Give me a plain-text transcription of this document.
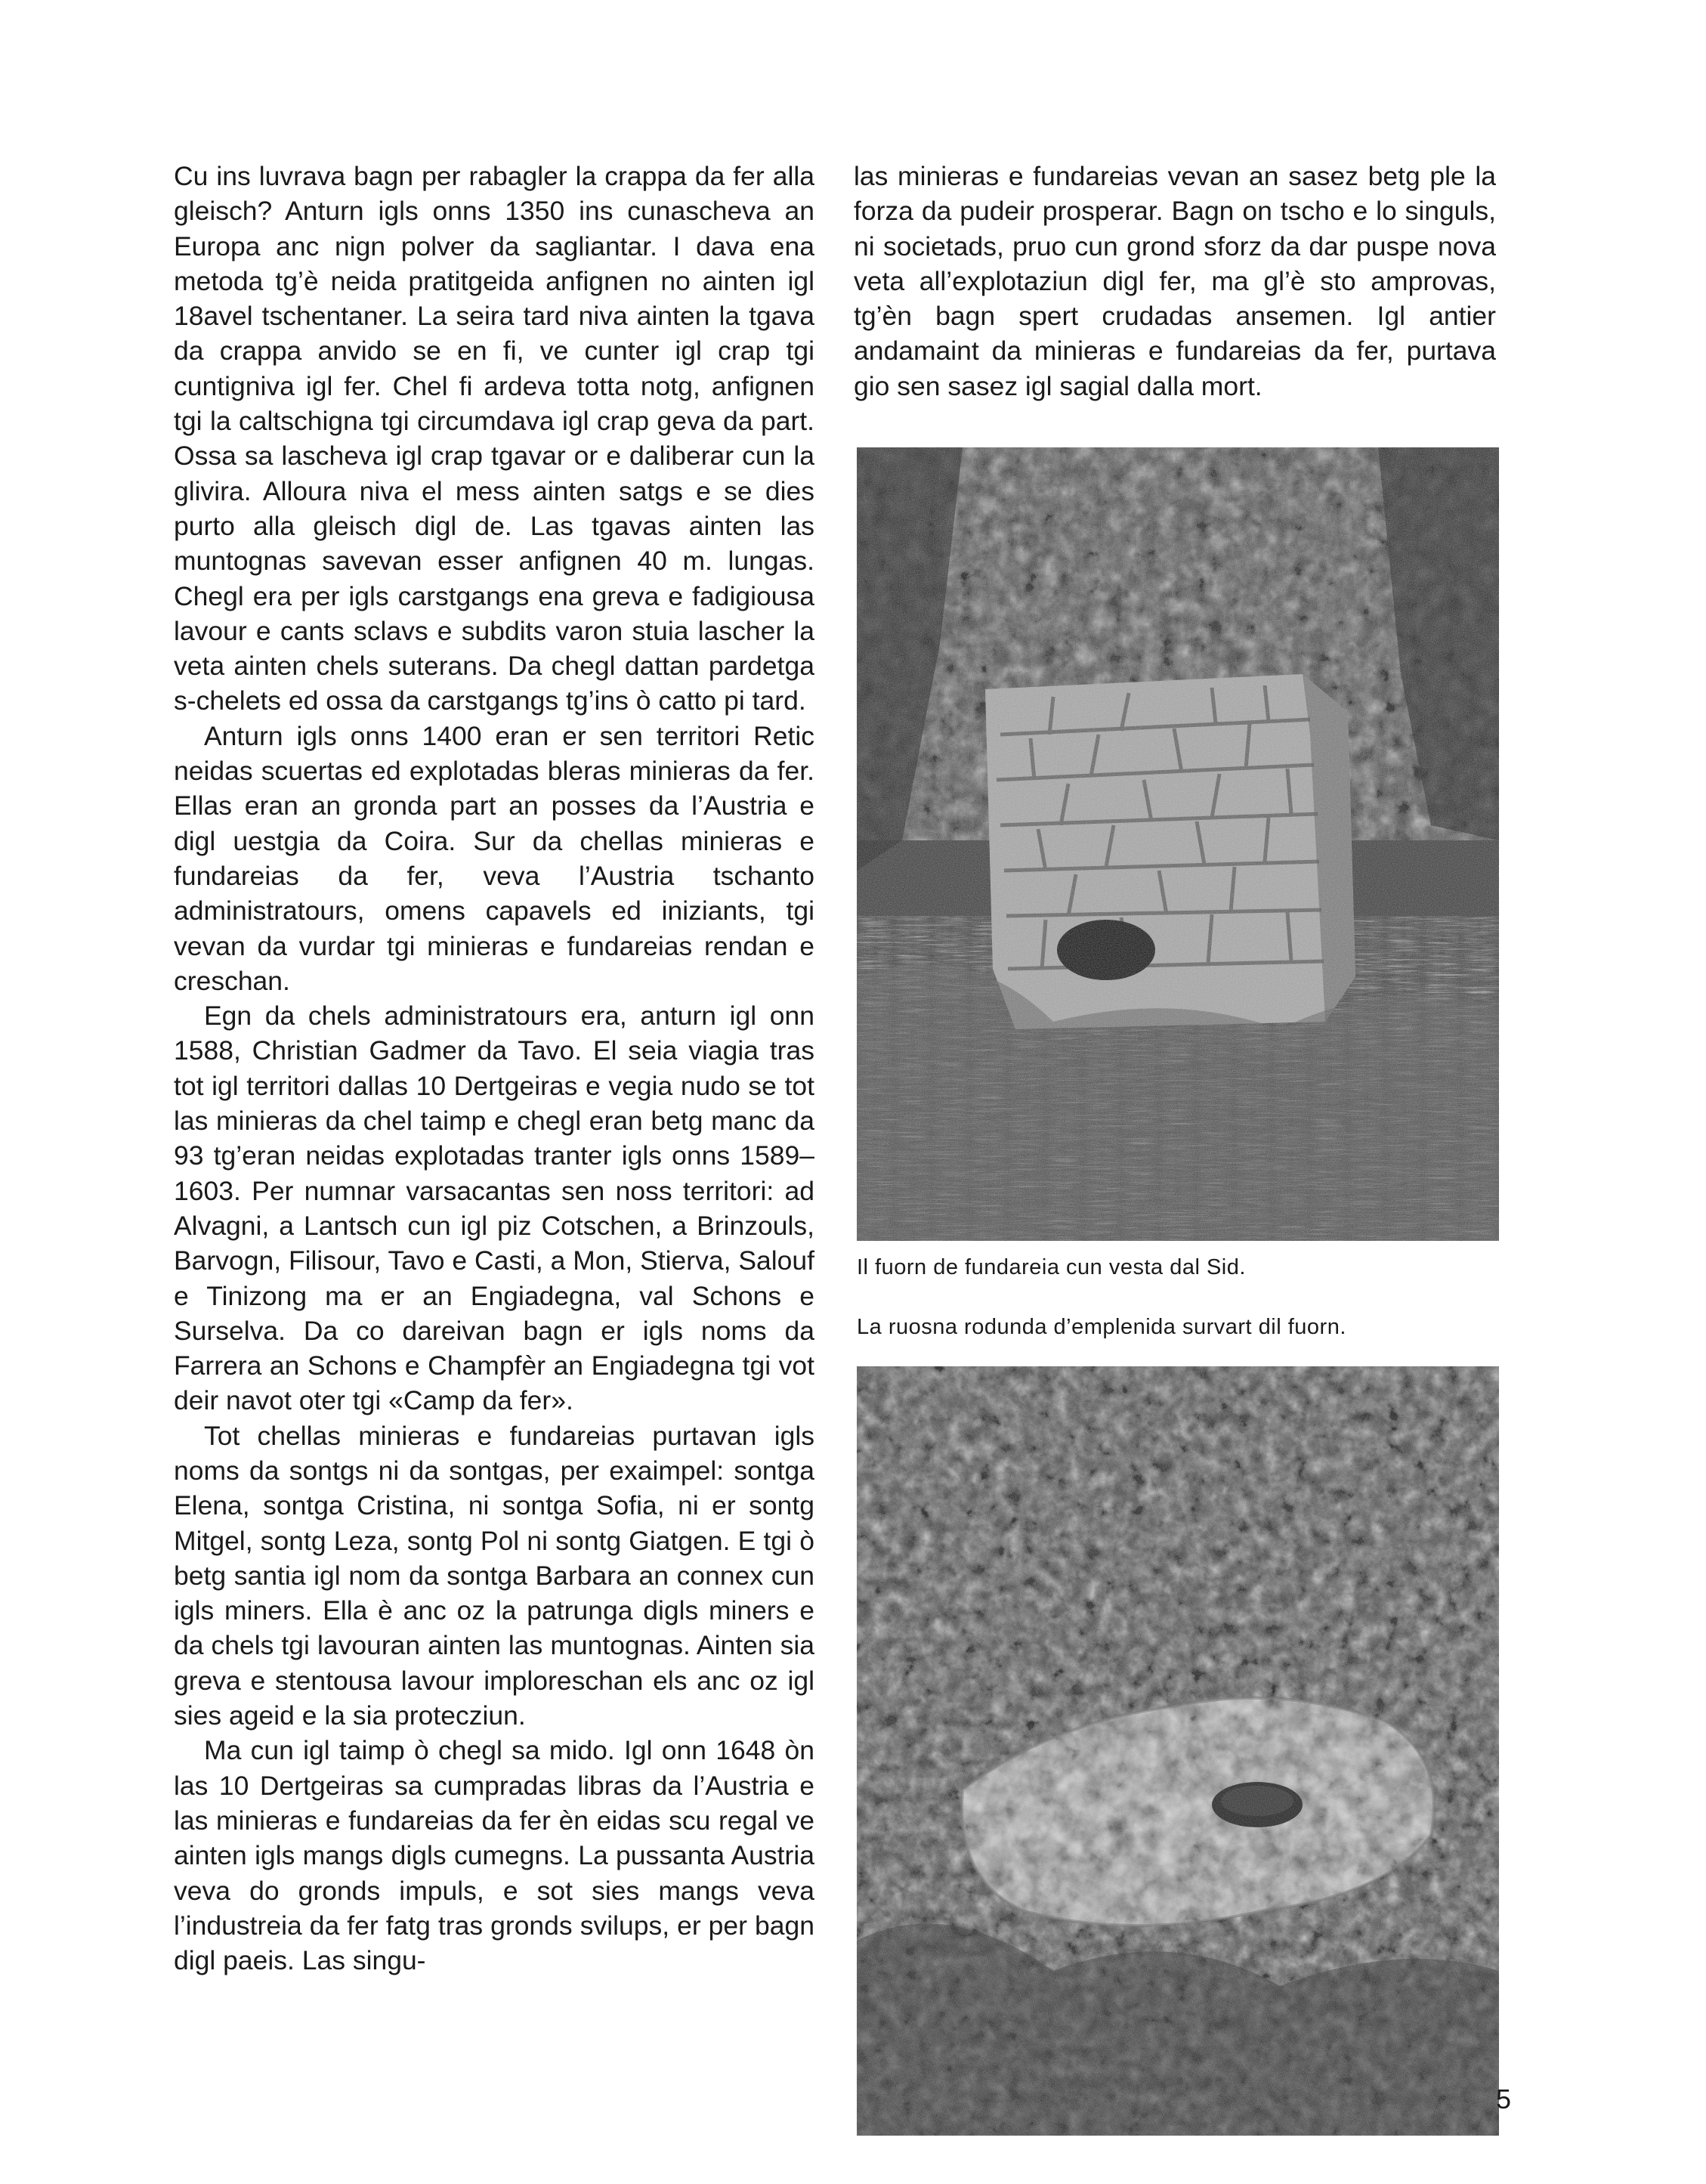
Cu ins luvrava bagn per rabagler la crappa da fer alla gleisch? Anturn igls onns 1350 ins cunascheva an Europa anc nign polver da sagliantar. I dava ena metoda tg’è neida pratitgeida anfignen no ainten igl 18avel tschentaner. La seira tard niva ainten la tgava da crappa anvido se en fi, ve cunter igl crap tgi cuntigniva igl fer. Chel fi ardeva totta notg, anfignen tgi la caltschigna tgi circumdava igl crap geva da part. Ossa sa lascheva igl crap tgavar or e daliberar cun la glivira. Alloura niva el mess ainten satgs e se dies purto alla gleisch digl de. Las tgavas ainten las muntognas savevan esser anfignen 40 m. lungas. Chegl era per igls carstgangs ena greva e fadigiousa lavour e cants sclavs e subdits varon stuia lascher la veta ainten chels suterans. Da chegl dattan pardetga s-chelets ed ossa da carstgangs tg’ins ò catto pi tard.

Anturn igls onns 1400 eran er sen territori Retic neidas scuertas ed explotadas bleras minieras da fer. Ellas eran an gronda part an posses da l’Austria e digl uestgia da Coira. Sur da chellas minieras e fundareias da fer, veva l’Austria tschanto administratours, omens capavels ed iniziants, tgi vevan da vurdar tgi minieras e fundareias rendan e creschan.

Egn da chels administratours era, anturn igl onn 1588, Christian Gadmer da Tavo. El seia viagia tras tot igl territori dallas 10 Dertgeiras e vegia nudo se tot las minieras da chel taimp e chegl eran betg manc da 93 tg’eran neidas explotadas tranter igls onns 1589–1603. Per numnar varsacantas sen noss territori: ad Alvagni, a Lantsch cun igl piz Cotschen, a Brinzouls, Barvogn, Filisour, Tavo e Casti, a Mon, Stierva, Salouf e Tinizong ma er an Engiadegna, val Schons e Surselva. Da co dareivan bagn er igls noms da Farrera an Schons e Champfèr an Engiadegna tgi vot deir navot oter tgi «Camp da fer».

Tot chellas minieras e fundareias purtavan igls noms da sontgs ni da sontgas, per exaimpel: sontga Elena, sontga Cristina, ni sontga Sofia, ni er sontg Mitgel, sontg Leza, sontg Pol ni sontg Giatgen. E tgi ò betg santia igl nom da sontga Barbara an connex cun igls miners. Ella è anc oz la patrunga digls miners e da chels tgi lavouran ainten las muntognas. Ainten sia greva e stentousa lavour imploreschan els anc oz igl sies ageid e la sia protecziun.

Ma cun igl taimp ò chegl sa mido. Igl onn 1648 òn las 10 Dertgeiras sa cumpradas libras da l’Austria e las minieras e fundareias da fer èn eidas scu regal ve ainten igls mangs digls cumegns. La pussanta Austria veva do gronds impuls, e sot sies mangs veva l’industreia da fer fatg tras gronds svilups, er per bagn digl paeis. Las singu-

las minieras e fundareias vevan an sasez betg ple la forza da pudeir prosperar. Bagn on tscho e lo singuls, ni societads, pruo cun grond sforz da dar puspe nova veta all’explotaziun digl fer, ma gl’è sto amprovas, tg’èn bagn spert crudadas ansemen. Igl antier andamaint da minieras e fundareias da fer, purtava gio sen sasez igl sagial dalla mort.

Il fuorn de fundareia cun vesta dal Sid.
La ruosna rodunda d’emplenida survart dil fuorn.
5
